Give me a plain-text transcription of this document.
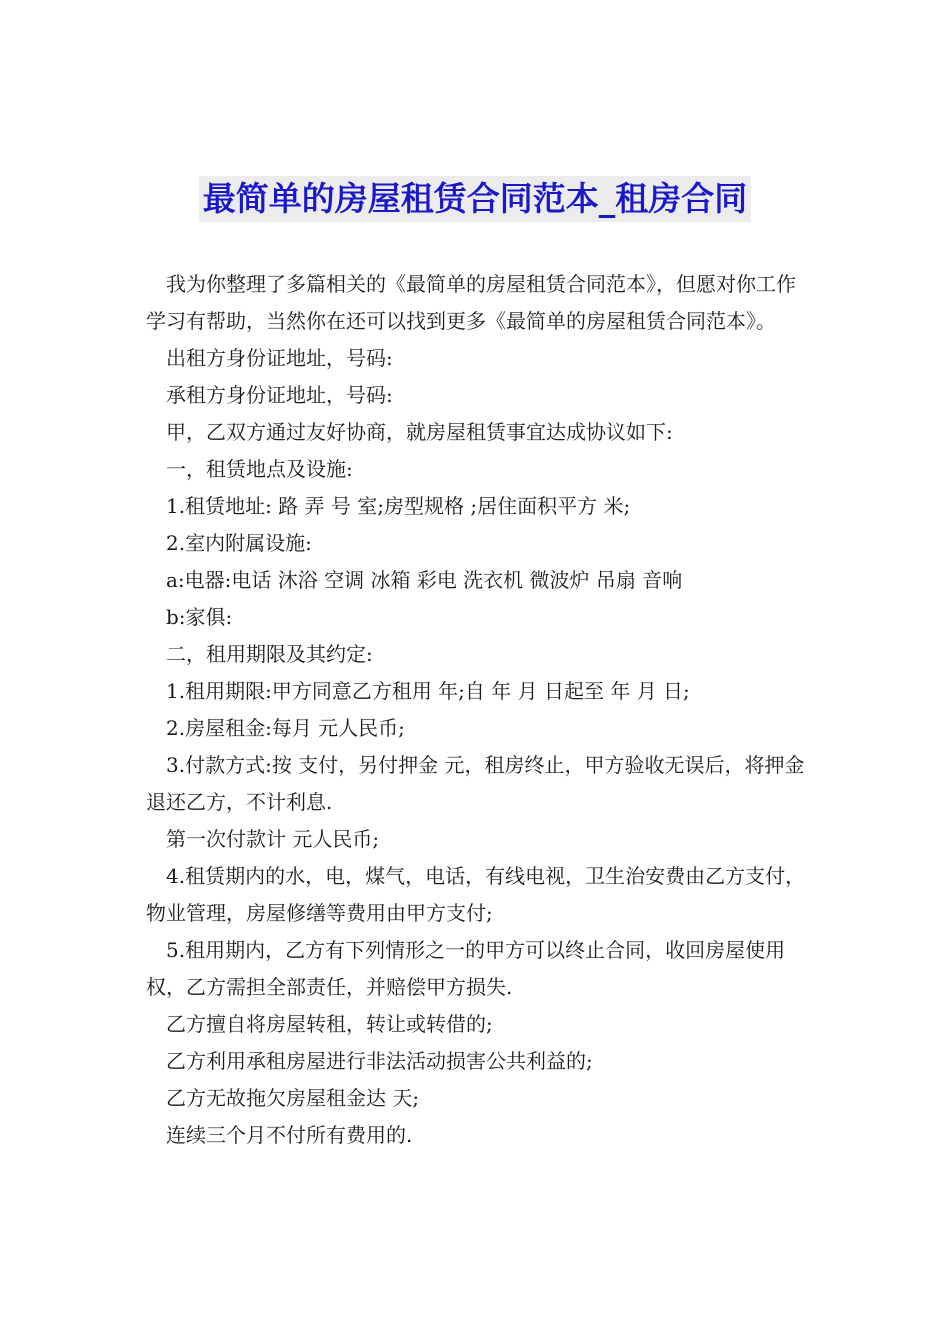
最简单的房屋租赁合同范本_租房合同

我为你整理了多篇相关的《最简单的房屋租赁合同范本》，但愿对你工作学习有帮助，当然你在还可以找到更多《最简单的房屋租赁合同范本》。

出租方身份证地址，号码:

承租方身份证地址，号码:

甲，乙双方通过友好协商，就房屋租赁事宜达成协议如下:

一，租赁地点及设施:

1.租赁地址: 路 弄 号 室;房型规格 ;居住面积平方 米;

2.室内附属设施:

a:电器:电话 沐浴 空调 冰箱 彩电 洗衣机 微波炉 吊扇 音响

b:家俱:

二，租用期限及其约定:

1.租用期限:甲方同意乙方租用 年;自 年 月 日起至 年 月 日;

2.房屋租金:每月 元人民币;

3.付款方式:按 支付，另付押金 元，租房终止，甲方验收无误后，将押金退还乙方，不计利息.

第一次付款计 元人民币;

4.租赁期内的水，电，煤气，电话，有线电视，卫生治安费由乙方支付，物业管理，房屋修缮等费用由甲方支付;

5.租用期内，乙方有下列情形之一的甲方可以终止合同，收回房屋使用权，乙方需担全部责任，并赔偿甲方损失.

乙方擅自将房屋转租，转让或转借的;

乙方利用承租房屋进行非法活动损害公共利益的;

乙方无故拖欠房屋租金达 天;

连续三个月不付所有费用的.
